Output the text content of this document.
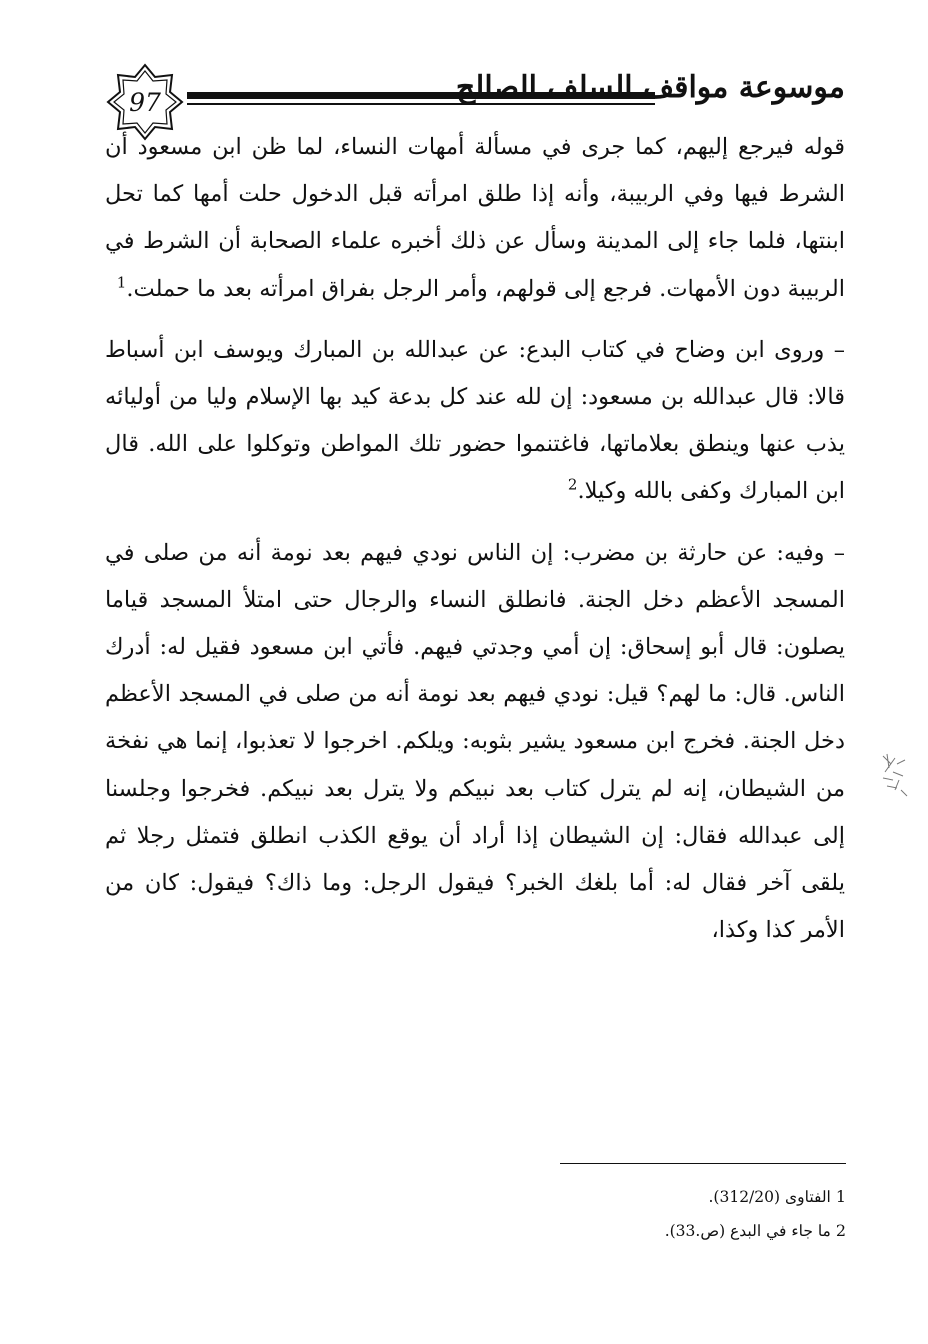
97	موسوعة مواقف السلف الصالح

قوله فيرجع إليهم، كما جرى في مسألة أمهات النساء، لما ظن ابن مسعود أن الشرط فيها وفي الربيبة، وأنه إذا طلق امرأته قبل الدخول حلت أمها كما تحل ابنتها، فلما جاء إلى المدينة وسأل عن ذلك أخبره علماء الصحابة أن الشرط في الربيبة دون الأمهات. فرجع إلى قولهم، وأمر الرجل بفراق امرأته بعد ما حملت.$^1$

– وروى ابن وضاح في كتاب البدع: عن عبدالله بن المبارك ويوسف ابن أسباط قالا: قال عبدالله بن مسعود: إن لله عند كل بدعة كيد بها الإسلام وليا من أوليائه يذب عنها وينطق بعلاماتها، فاغتنموا حضور تلك المواطن وتوكلوا على الله. قال ابن المبارك وكفى بالله وكيلا.$^2$

– وفيه: عن حارثة بن مضرب: إن الناس نودي فيهم بعد نومة أنه من صلى في المسجد الأعظم دخل الجنة. فانطلق النساء والرجال حتى امتلأ المسجد قياما يصلون: قال أبو إسحاق: إن أمي وجدتي فيهم. فأتي ابن مسعود فقيل له: أدرك الناس. قال: ما لهم؟ قيل: نودي فيهم بعد نومة أنه من صلى في المسجد الأعظم دخل الجنة. فخرج ابن مسعود يشير بثوبه: ويلكم. اخرجوا لا تعذبوا، إنما هي نفخة من الشيطان، إنه لم يترل كتاب بعد نبيكم ولا يترل بعد نبيكم. فخرجوا وجلسنا إلى عبدالله فقال: إن الشيطان إذا أراد أن يوقع الكذب انطلق فتمثل رجلا ثم يلقى آخر فقال له: أما بلغك الخبر؟ فيقول الرجل: وما ذاك؟ فيقول: كان من الأمر كذا وكذا،

1 الفتاوى (312/20).
2 ما جاء في البدع (ص.33).
